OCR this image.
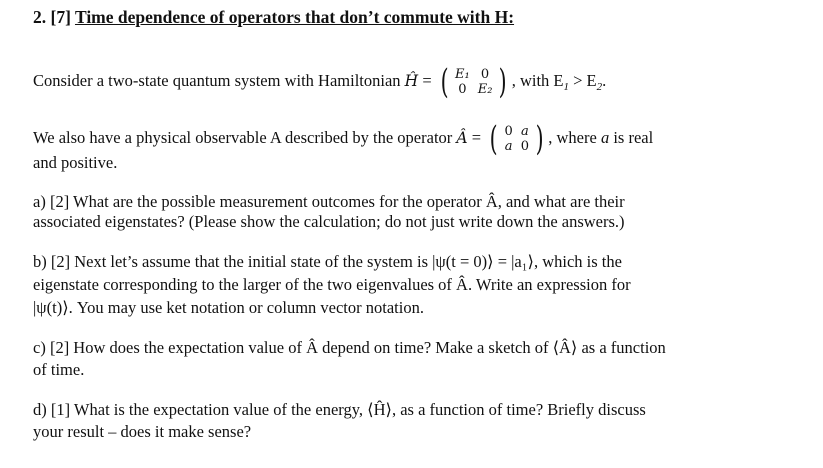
2. [7] Time dependence of operators that don’t commute with H:
Consider a two-state quantum system with Hamiltonian Ĥ = ( E₁	0
0	E₂ ) , with $E_1 > E_2$.
We also have a physical observable A described by the operator Â = ( 0	a
a	0 ) , where a is real
and positive.
a) [2] What are the possible measurement outcomes for the operator Â, and what are their
associated eigenstates? (Please show the calculation; do not just write down the answers.)
b) [2] Next let’s assume that the initial state of the system is |ψ(t = 0)⟩ = |a₁⟩, which is the
eigenstate corresponding to the larger of the two eigenvalues of Â. Write an expression for
|ψ(t)⟩. You may use ket notation or column vector notation.
c) [2] How does the expectation value of Â depend on time? Make a sketch of ⟨Â⟩ as a function
of time.
d) [1] What is the expectation value of the energy, ⟨Ĥ⟩, as a function of time? Briefly discuss
your result – does it make sense?
